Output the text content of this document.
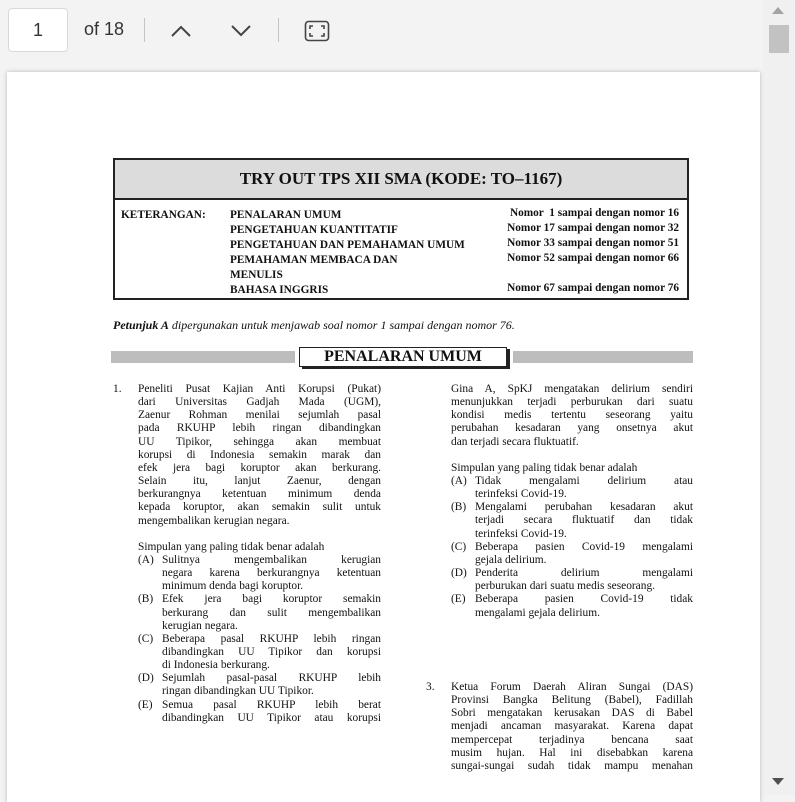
1
of 18
TRY OUT TPS XII SMA (KODE: TO–1167)
KETERANGAN: PENALARAN UMUM
PENGETAHUAN KUANTITATIF
PENGETAHUAN DAN PEMAHAMAN UMUM
PEMAHAMAN MEMBACA DAN
MENULIS
BAHASA INGGRIS
Nomor  1 sampai dengan nomor 16
Nomor 17 sampai dengan nomor 32
Nomor 33 sampai dengan nomor 51
Nomor 52 sampai dengan nomor 66
Nomor 67 sampai dengan nomor 76
Petunjuk A dipergunakan untuk menjawab soal nomor 1 sampai dengan nomor 76.
PENALARAN UMUM
1. Peneliti Pusat Kajian Anti Korupsi (Pukat)

dari Universitas Gadjah Mada (UGM),

Zaenur Rohman menilai sejumlah pasal

pada RKUHP lebih ringan dibandingkan

UU Tipikor, sehingga akan membuat

korupsi di Indonesia semakin marak dan

efek jera bagi koruptor akan berkurang.

Selain itu, lanjut Zaenur, dengan

berkurangnya ketentuan minimum denda

kepada koruptor, akan semakin sulit untuk

mengembalikan kerugian negara.

Simpulan yang paling tidak benar adalah

(A) Sulitnya mengembalikan kerugian
negara karena berkurangnya ketentuan
minimum denda bagi koruptor.
(B) Efek jera bagi koruptor semakin
berkurang dan sulit mengembalikan
kerugian negara.
(C) Beberapa pasal RKUHP lebih ringan
dibandingkan UU Tipikor dan korupsi
di Indonesia berkurang.
(D) Sejumlah pasal-pasal RKUHP lebih
ringan dibandingkan UU Tipikor.
(E) Semua pasal RKUHP lebih berat
dibandingkan UU Tipikor atau korupsi

Gina A, SpKJ mengatakan delirium sendiri

menunjukkan terjadi perburukan dari suatu

kondisi medis tertentu seseorang yaitu

perubahan kesadaran yang onsetnya akut

dan terjadi secara fluktuatif.

Simpulan yang paling tidak benar adalah

(A) Tidak mengalami delirium atau
terinfeksi Covid-19.
(B) Mengalami perubahan kesadaran akut
terjadi secara fluktuatif dan tidak
terinfeksi Covid-19.
(C) Beberapa pasien Covid-19 mengalami
gejala delirium.
(D) Penderita delirium mengalami
perburukan dari suatu medis seseorang.
(E) Beberapa pasien Covid-19 tidak
mengalami gejala delirium.
3. Ketua Forum Daerah Aliran Sungai (DAS)

Provinsi Bangka Belitung (Babel), Fadillah

Sobri mengatakan kerusakan DAS di Babel

menjadi ancaman masyarakat. Karena dapat

mempercepat terjadinya bencana saat

musim hujan. Hal ini disebabkan karena

sungai-sungai sudah tidak mampu menahan
